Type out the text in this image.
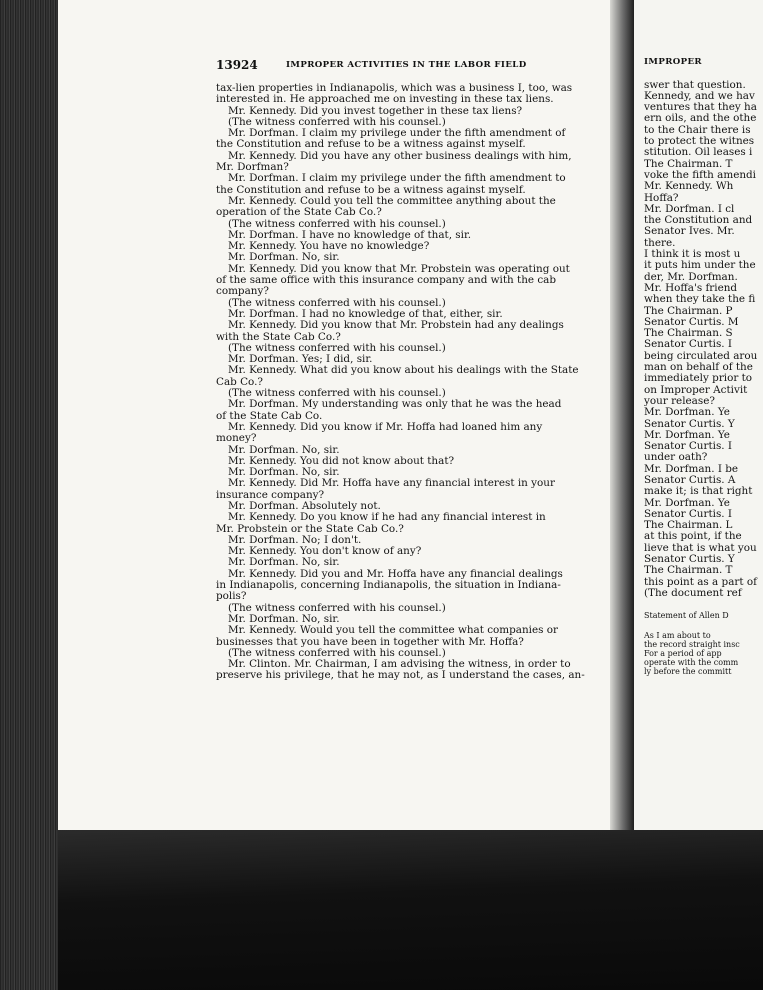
13924	IMPROPER ACTIVITIES IN THE LABOR FIELD
tax-lien properties in Indianapolis, which was a business I, too, was
interested in. He approached me on investing in these tax liens.
Mr. Kennedy. Did you invest together in these tax liens?
(The witness conferred with his counsel.)
Mr. Dorfman. I claim my privilege under the fifth amendment of
the Constitution and refuse to be a witness against myself.
Mr. Kennedy. Did you have any other business dealings with him,
Mr. Dorfman?
Mr. Dorfman. I claim my privilege under the fifth amendment to
the Constitution and refuse to be a witness against myself.
Mr. Kennedy. Could you tell the committee anything about the
operation of the State Cab Co.?
(The witness conferred with his counsel.)
Mr. Dorfman. I have no knowledge of that, sir.
Mr. Kennedy. You have no knowledge?
Mr. Dorfman. No, sir.
Mr. Kennedy. Did you know that Mr. Probstein was operating out
of the same office with this insurance company and with the cab
company?
(The witness conferred with his counsel.)
Mr. Dorfman. I had no knowledge of that, either, sir.
Mr. Kennedy. Did you know that Mr. Probstein had any dealings
with the State Cab Co.?
(The witness conferred with his counsel.)
Mr. Dorfman. Yes; I did, sir.
Mr. Kennedy. What did you know about his dealings with the State
Cab Co.?
(The witness conferred with his counsel.)
Mr. Dorfman. My understanding was only that he was the head
of the State Cab Co.
Mr. Kennedy. Did you know if Mr. Hoffa had loaned him any
money?
Mr. Dorfman. No, sir.
Mr. Kennedy. You did not know about that?
Mr. Dorfman. No, sir.
Mr. Kennedy. Did Mr. Hoffa have any financial interest in your
insurance company?
Mr. Dorfman. Absolutely not.
Mr. Kennedy. Do you know if he had any financial interest in
Mr. Probstein or the State Cab Co.?
Mr. Dorfman. No; I don't.
Mr. Kennedy. You don't know of any?
Mr. Dorfman. No, sir.
Mr. Kennedy. Did you and Mr. Hoffa have any financial dealings
in Indianapolis, concerning Indianapolis, the situation in Indiana-
polis?
(The witness conferred with his counsel.)
Mr. Dorfman. No, sir.
Mr. Kennedy. Would you tell the committee what companies or
businesses that you have been in together with Mr. Hoffa?
(The witness conferred with his counsel.)
Mr. Clinton. Mr. Chairman, I am advising the witness, in order to
preserve his privilege, that he may not, as I understand the cases, an-
IMPROPER
swer that question.
Kennedy, and we hav
ventures that they ha
ern oils, and the othe
to the Chair there is
to protect the witnes
stitution. Oil leases i
The Chairman. T
voke the fifth amendi
Mr. Kennedy. Wh
Hoffa?
Mr. Dorfman. I cl
the Constitution and
Senator Ives. Mr.
there.
I think it is most u
it puts him under the
der, Mr. Dorfman.
Mr. Hoffa's friend
when they take the fi
The Chairman. P
Senator Curtis. M
The Chairman. S
Senator Curtis. I
being circulated arou
man on behalf of the
immediately prior to
on Improper Activit
your release?
Mr. Dorfman. Ye
Senator Curtis. Y
Mr. Dorfman. Ye
Senator Curtis. I
under oath?
Mr. Dorfman. I be
Senator Curtis. A
make it; is that right
Mr. Dorfman. Ye
Senator Curtis. I
The Chairman. L
at this point, if the
lieve that is what you
Senator Curtis. Y
The Chairman. T
this point as a part of
(The document ref
Statement of Allen D
As I am about to
the record straight insc
For a period of app
operate with the comm
ly before the committ
